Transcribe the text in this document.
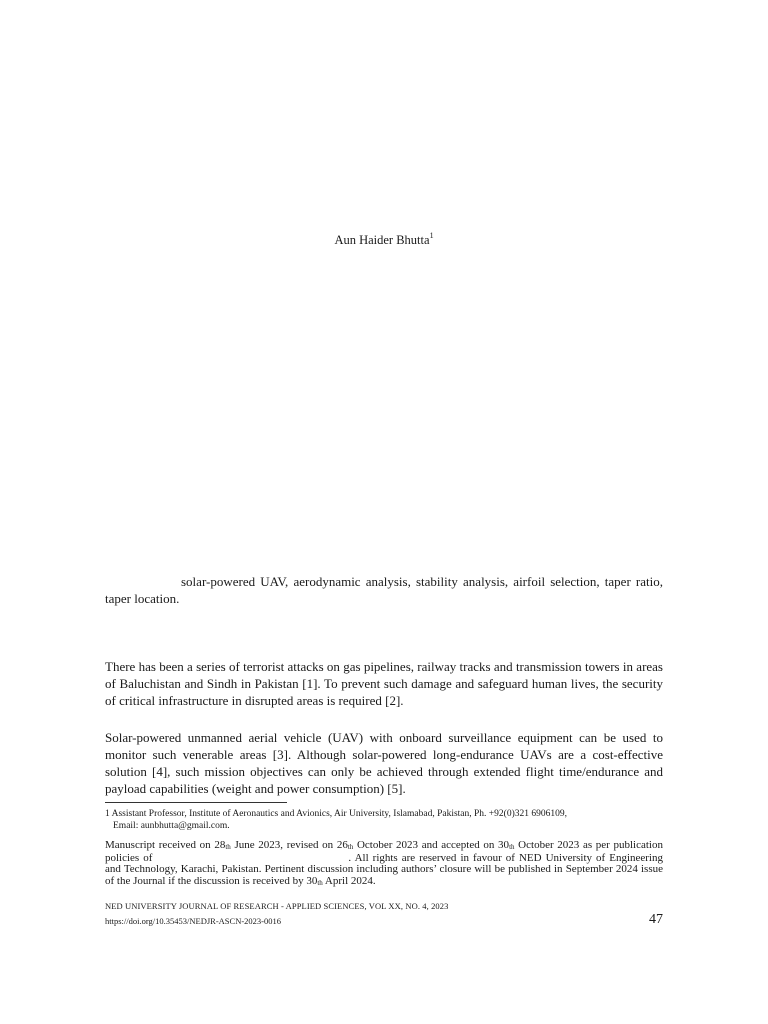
Aun Haider Bhutta$^1$
solar-powered UAV, aerodynamic analysis, stability analysis, airfoil selection, taper ratio, taper location.
There has been a series of terrorist attacks on gas pipelines, railway tracks and transmission towers in areas of Baluchistan and Sindh in Pakistan [1]. To prevent such damage and safeguard human lives, the security of critical infrastructure in disrupted areas is required [2].
Solar-powered unmanned aerial vehicle (UAV) with onboard surveillance equipment can be used to monitor such venerable areas [3]. Although solar-powered long-endurance UAVs are a cost-effective solution [4], such mission objectives can only be achieved through extended flight time/endurance and payload capabilities (weight and power consumption) [5].
1 Assistant Professor, Institute of Aeronautics and Avionics, Air University, Islamabad, Pakistan, Ph. +92(0)321 6906109,
Email: aunbhutta@gmail.com.
Manuscript received on $28_{th}$ June 2023, revised on $26_{th}$ October 2023 and accepted on $30_{th}$ October 2023 as per publication policies of	. All rights are reserved in favour of NED University of Engineering and Technology, Karachi, Pakistan. Pertinent discussion including authors’ closure will be published in September 2024 issue of the Journal if the discussion is received by $30_{th}$ April 2024.
NED UNIVERSITY JOURNAL OF RESEARCH - APPLIED SCIENCES, VOL XX, NO. 4, 2023
https://doi.org/10.35453/NEDJR-ASCN-2023-0016	47
